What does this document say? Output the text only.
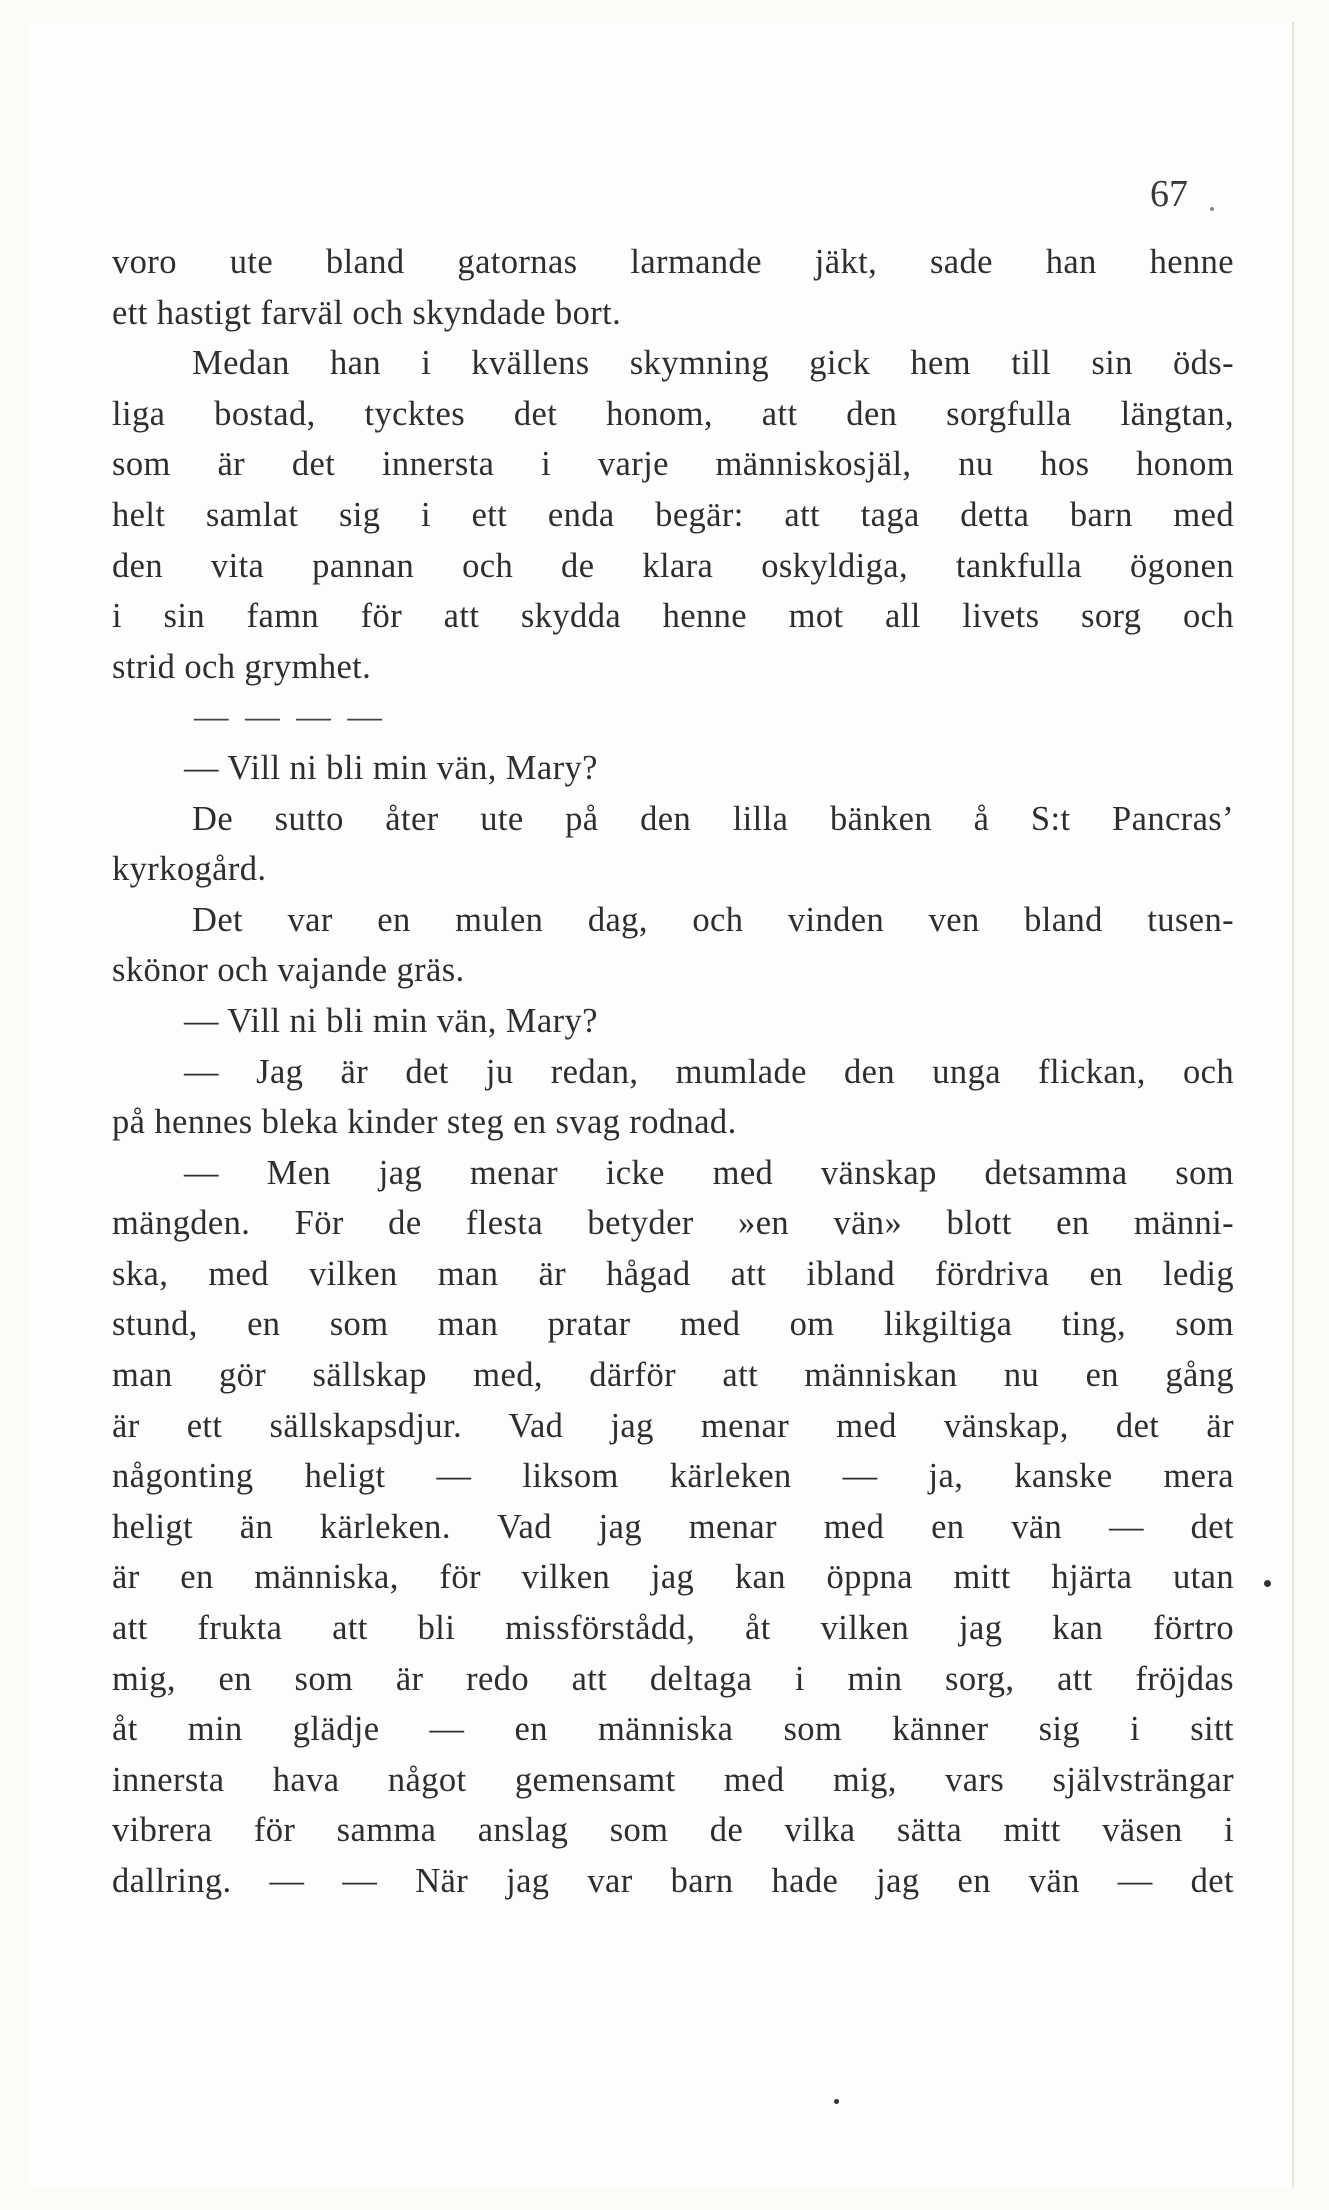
67
voro ute bland gatornas larmande jäkt, sade han henne
ett hastigt farväl och skyndade bort.
Medan han i kvällens skymning gick hem till sin öds-
liga bostad, tycktes det honom, att den sorgfulla längtan,
som är det innersta i varje människosjäl, nu hos honom
helt samlat sig i ett enda begär: att taga detta barn med
den vita pannan och de klara oskyldiga, tankfulla ögonen
i sin famn för att skydda henne mot all livets sorg och
strid och grymhet.
— — — —
— Vill ni bli min vän, Mary?
De sutto åter ute på den lilla bänken å S:t Pancras’
kyrkogård.
Det var en mulen dag, och vinden ven bland tusen-
skönor och vajande gräs.
— Vill ni bli min vän, Mary?
— Jag är det ju redan, mumlade den unga flickan, och
på hennes bleka kinder steg en svag rodnad.
— Men jag menar icke med vänskap detsamma som
mängden. För de flesta betyder »en vän» blott en männi-
ska, med vilken man är hågad att ibland fördriva en ledig
stund, en som man pratar med om likgiltiga ting, som
man gör sällskap med, därför att människan nu en gång
är ett sällskapsdjur. Vad jag menar med vänskap, det är
någonting heligt — liksom kärleken — ja, kanske mera
heligt än kärleken. Vad jag menar med en vän — det
är en människa, för vilken jag kan öppna mitt hjärta utan
att frukta att bli missförstådd, åt vilken jag kan förtro
mig, en som är redo att deltaga i min sorg, att fröjdas
åt min glädje — en människa som känner sig i sitt
innersta hava något gemensamt med mig, vars självsträngar
vibrera för samma anslag som de vilka sätta mitt väsen i
dallring. — — När jag var barn hade jag en vän — det
